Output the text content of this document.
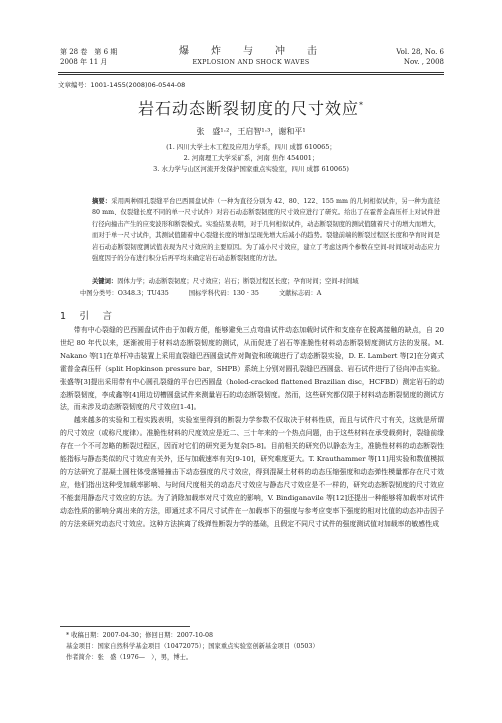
第 28 卷　第 6 期
2008 年 11 月
爆　炸　与　冲　击
EXPLOSION AND SHOCK WAVES
Vol. 28, No. 6
Nov. , 2008
文章编号：1001-1455(2008)06-0544-08
岩石动态断裂韧度的尺寸效应*
张　盛¹·²，王启智¹·³，谢和平¹
(1. 四川大学土木工程及应用力学系，四川 成都 610065；
2. 河南理工大学采矿系，河南 焦作 454001；
3. 水力学与山区河流开发保护国家重点实验室，四川 成都 610065)
摘要：采用两种圆孔裂缝平台巴西圆盘试件（一种为直径分别为 42、80、122、155 mm 的几何相似试件，另一种为直径 80 mm、仅裂缝长度不同的单一尺寸试件）对岩石动态断裂韧度的尺寸效应进行了研究。给出了在霍普金森压杆上对试件进行径向撞击产生的应变波形和断裂模式。实验结果表明，对于几何相似试件，动态断裂韧度的测试值随着尺寸的增大而增大，而对于单一尺寸试件，其测试值随着中心裂缝长度的增加呈现先增大后减小的趋势。裂缝前端的断裂过程区长度和孕育时间是岩石动态断裂韧度测试值表现为尺寸效应的主要原因。为了减小尺寸效应，建立了考虑这两个参数在空间-时间域对动态应力强度因子的分布进行积分后再平均来确定岩石动态断裂韧度的方法。
关键词：固体力学；动态断裂韧度；尺寸效应；岩石；断裂过程区长度；孕育时间；空间-时间域
中图分类号：O348.3；TU435	国标学科代码：130 · 35	文献标志码：A
1　引　言

带有中心裂缝的巴西圆盘试件由于加载方便，能够避免三点弯曲试件动态加载时试件和支座存在脱离接触的缺点，自 20 世纪 80 年代以来，逐渐被用于材料动态断裂韧度的测试，从而促进了岩石等准脆性材料动态断裂韧度测试方法的发展。M. Nakano 等[1]在单杆冲击装置上采用直裂缝巴西圆盘试件对陶瓷和玻璃进行了动态断裂实验，D. E. Lambert 等[2]在分离式霍普金森压杆（split Hopkinson pressure bar，SHPB）系统上分别对圆孔裂缝巴西圆盘、岩石试件进行了径向冲击实验。张盛等[3]提出采用带有中心圆孔裂缝的平台巴西圆盘（holed-cracked flattened Brazilian disc，HCFBD）测定岩石的动态断裂韧度，李成鑫等[4]用边切槽圆盘试件来测量岩石的动态断裂韧度。然而，这些研究都仅限于材料动态断裂韧度的测试方法，而未涉及动态断裂韧度的尺寸效应[1-4]。

越来越多的实验和工程实践表明，实验室里得到的断裂力学参数不仅取决于材料性质，而且与试件尺寸有关，这就是所谓的尺寸效应（或称尺度律）。准脆性材料的尺度效应是近二、三十年来的一个热点问题，由于这些材料在承受载荷时，裂缝前缘存在一个不可忽略的断裂过程区，因而对它们的研究更为复杂[5-8]。目前相关的研究仍以静态为主，准脆性材料的动态断裂性能指标与静态类似的尺寸效应有关外，还与加载速率有关[9-10]，研究难度更大。T. Krauthammer 等[11]用实验和数值模拟的方法研究了混凝土圆柱体受落锤撞击下动态强度的尺寸效应，得到混凝土材料的动态压缩强度和动态弹性模量都存在尺寸效应，他们指出这种受加载率影响、与时间尺度相关的动态尺寸效应与静态尺寸效应是不一样的，研究动态断裂韧度的尺寸效应不能套用静态尺寸效应的方法。为了消除加载率对尺寸效应的影响，V. Bindiganavile 等[12]还提出一种能够将加载率对试件动态性质的影响分离出来的方法，即通过求不同尺寸试件在一加载率下的强度与参考应变率下强度的相对比值的动态冲击因子的方法来研究动态尺寸效应。这种方法摈离了线弹性断裂力学的基础，且假定不同尺寸试件的强度测试值对加载率的敏感性成

* 收稿日期：2007-04-30；修回日期：2007-10-08
基金项目：国家自然科学基金项目（10472075）；国家重点实验室创新基金项目（0503）
作者简介：张　盛（1976—　），男，博士。
